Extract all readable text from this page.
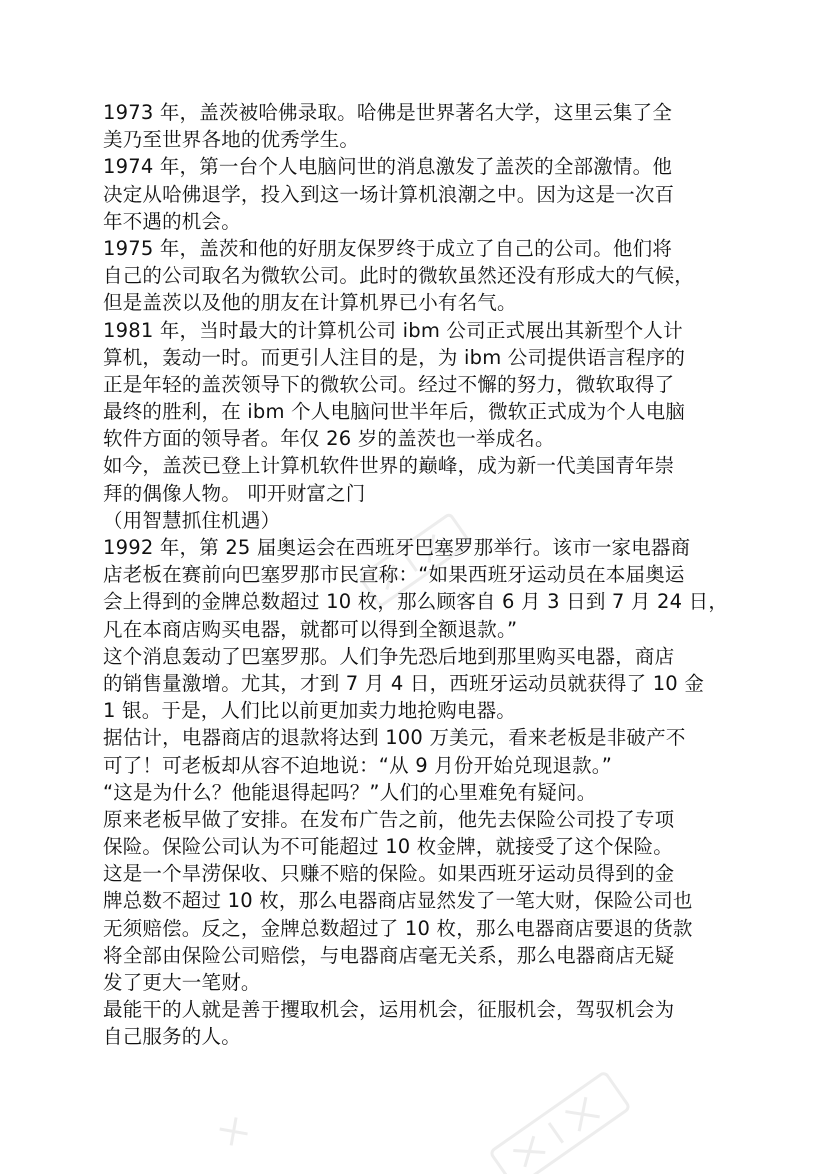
1973 年，盖茨被哈佛录取。哈佛是世界著名大学，这里云集了全
美乃至世界各地的优秀学生。
1974 年，第一台个人电脑问世的消息激发了盖茨的全部激情。他
决定从哈佛退学，投入到这一场计算机浪潮之中。因为这是一次百
年不遇的机会。
1975 年，盖茨和他的好朋友保罗终于成立了自己的公司。他们将
自己的公司取名为微软公司。此时的微软虽然还没有形成大的气候，
但是盖茨以及他的朋友在计算机界已小有名气。
1981 年，当时最大的计算机公司 ibm 公司正式展出其新型个人计
算机，轰动一时。而更引人注目的是，为 ibm 公司提供语言程序的
正是年轻的盖茨领导下的微软公司。经过不懈的努力，微软取得了
最终的胜利，在 ibm 个人电脑问世半年后，微软正式成为个人电脑
软件方面的领导者。年仅 26 岁的盖茨也一举成名。
如今，盖茨已登上计算机软件世界的巅峰，成为新一代美国青年崇
拜的偶像人物。 叩开财富之门
（用智慧抓住机遇）
1992 年，第 25 届奥运会在西班牙巴塞罗那举行。该市一家电器商
店老板在赛前向巴塞罗那市民宣称：“如果西班牙运动员在本届奥运
会上得到的金牌总数超过 10 枚，那么顾客自 6 月 3 日到 7 月 24 日，
凡在本商店购买电器，就都可以得到全额退款。”
这个消息轰动了巴塞罗那。人们争先恐后地到那里购买电器，商店
的销售量激增。尤其，才到 7 月 4 日，西班牙运动员就获得了 10 金
1 银。于是，人们比以前更加卖力地抢购电器。
据估计，电器商店的退款将达到 100 万美元，看来老板是非破产不
可了！可老板却从容不迫地说：“从 9 月份开始兑现退款。”
“这是为什么？他能退得起吗？”人们的心里难免有疑问。
原来老板早做了安排。在发布广告之前，他先去保险公司投了专项
保险。保险公司认为不可能超过 10 枚金牌，就接受了这个保险。
这是一个旱涝保收、只赚不赔的保险。如果西班牙运动员得到的金
牌总数不超过 10 枚，那么电器商店显然发了一笔大财，保险公司也
无须赔偿。反之，金牌总数超过了 10 枚，那么电器商店要退的货款
将全部由保险公司赔偿，与电器商店毫无关系，那么电器商店无疑
发了更大一笔财。
最能干的人就是善于攫取机会，运用机会，征服机会，驾驭机会为
自己服务的人。
